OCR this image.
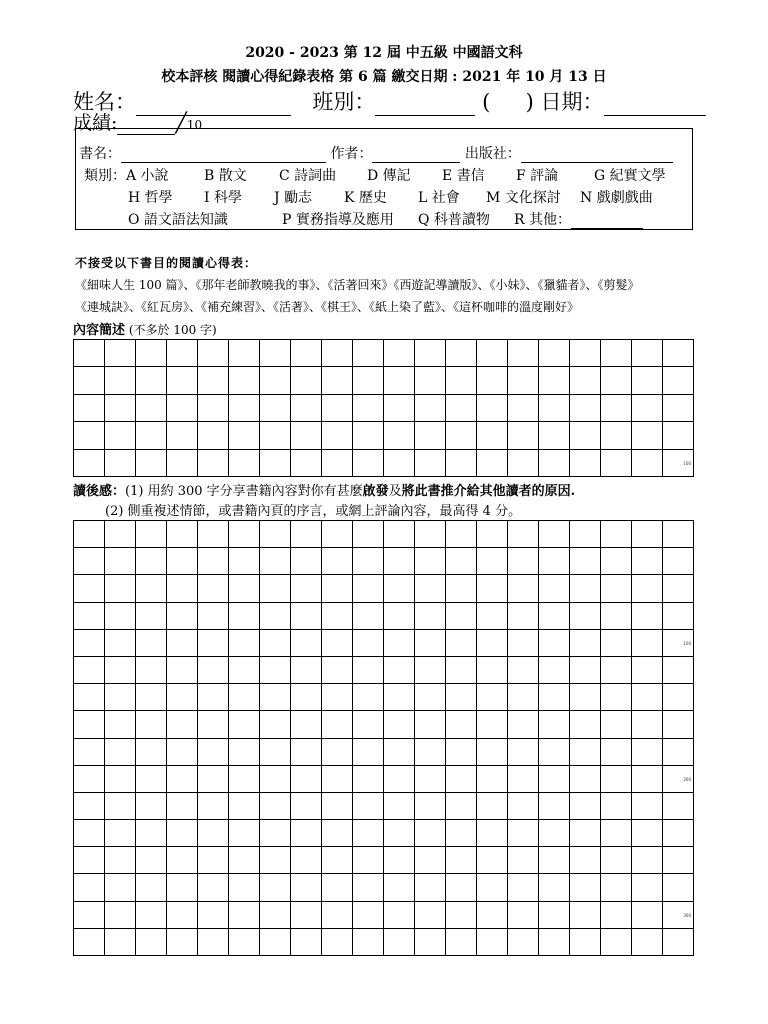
2020 - 2023 第 12 屆 中五級 中國語文科
校本評核 閱讀心得紀錄表格 第 6 篇 繳交日期 : 2021 年 10 月 13 日
姓名：	班別：	( ) 日期：
成績:	╱10
書名：	作者：	出版社：
類別： A 小說	B 散文 C 詩詞曲 D 傳記 E 書信 F 評論	G 紀實文學
H 哲學 I 科學 J 勵志 K 歷史 L 社會 M 文化探討 N 戲劇戲曲
O 語文語法知識	P 實務指導及應用 Q 科普讀物 R 其他：
不接受以下書目的閱讀心得表：
《細味人生 100 篇》、《那年老師教曉我的事》、《活著回來》《西遊記導讀版》、《小妹》、《獵貓者》、《剪髮》
《連城訣》、《紅瓦房》、《補充練習》、《活著》、《棋王》、《紙上染了藍》、《這杯咖啡的溫度剛好》
內容簡述 (不多於 100 字)

																			100
讀後感：(1) 用約 300 字分享書籍內容對你有甚麼啟發及將此書推介給其他讀者的原因.
(2) 側重複述情節，或書籍內頁的序言，或網上評論內容，最高得 4 分。

																			100

																			200

																			300
